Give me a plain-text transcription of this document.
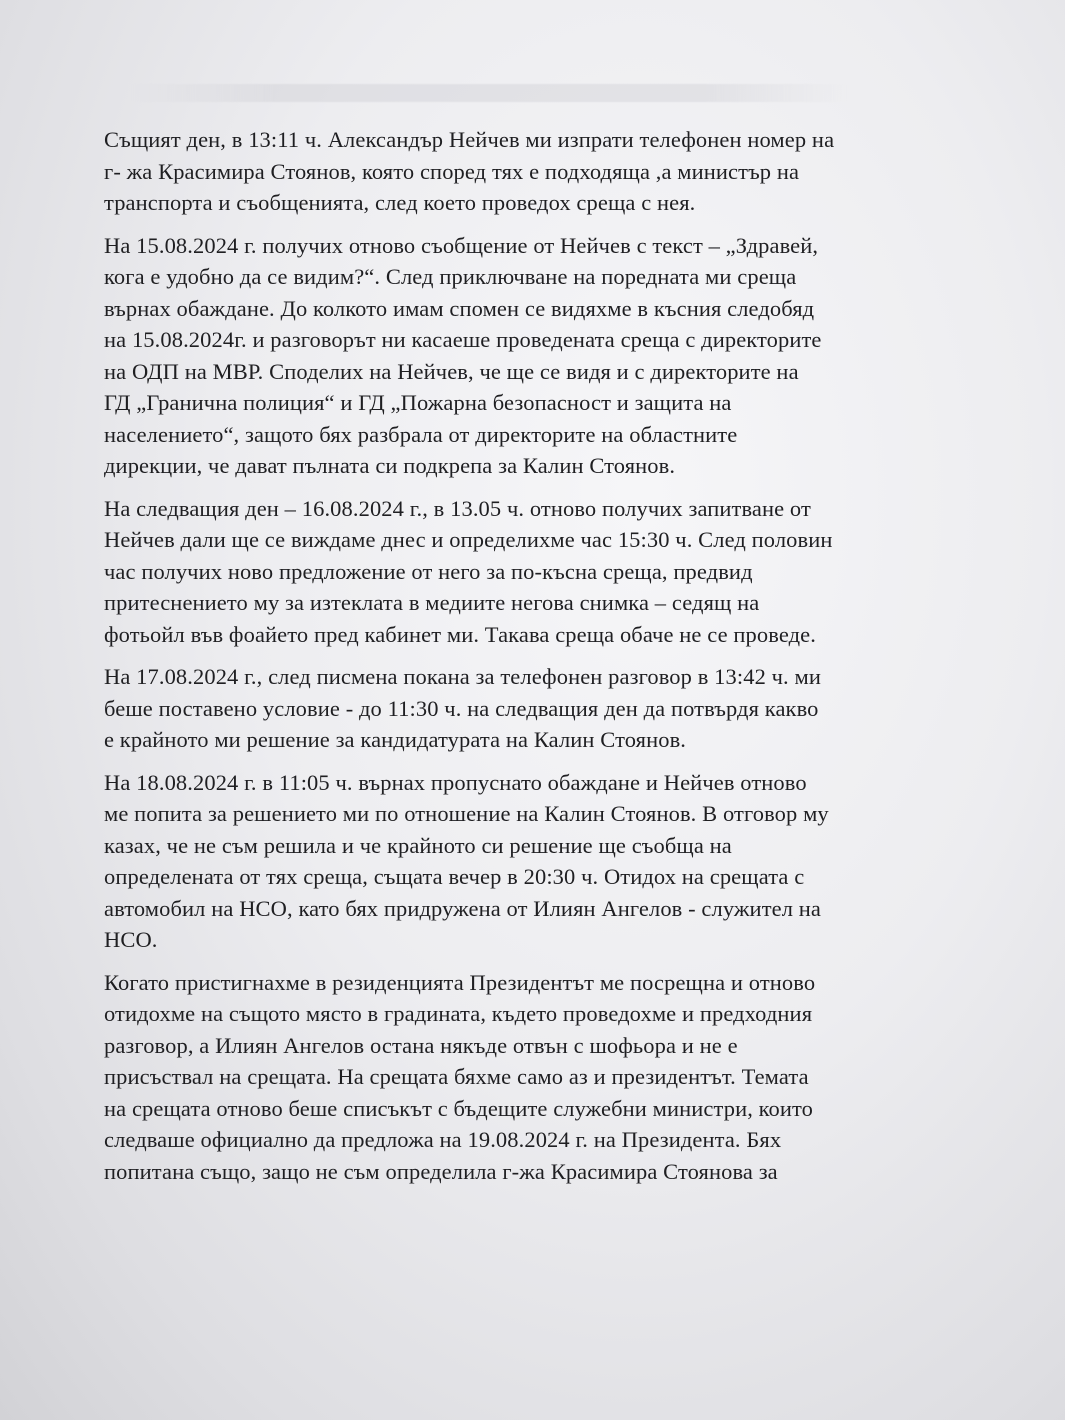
Същият ден, в 13:11 ч. Александър Нейчев ми изпрати телефонен номер на
г- жа Красимира Стоянов, която според тях е подходяща ,а министър на
транспорта и съобщенията, след което проведох среща с нея.

На 15.08.2024 г. получих отново съобщение от Нейчев с текст – „Здравей,
кога е удобно да се видим?“. След приключване на поредната ми среща
върнах обаждане. До колкото имам спомен се видяхме в късния следобяд
на 15.08.2024г. и разговорът ни касаеше проведената среща с директорите
на ОДП на МВР. Споделих на Нейчев, че ще се видя и с директорите на
ГД „Гранична полиция“ и ГД „Пожарна безопасност и защита на
населението“, защото бях разбрала от директорите на областните
дирекции, че дават пълната си подкрепа за Калин Стоянов.

На следващия ден – 16.08.2024 г., в 13.05 ч. отново получих запитване от
Нейчев дали ще се виждаме днес и определихме час 15:30 ч. След половин
час получих ново предложение от него за по-късна среща, предвид
притеснението му за изтеклата в медиите негова снимка – седящ на
фотьойл във фоайето пред кабинет ми. Такава среща обаче не се проведе.

На 17.08.2024 г., след писмена покана за телефонен разговор в 13:42 ч. ми
беше поставено условие - до 11:30 ч. на следващия ден да потвърдя какво
е крайното ми решение за кандидатурата на Калин Стоянов.

На 18.08.2024 г. в 11:05 ч. върнах пропуснато обаждане и Нейчев отново
ме попита за решението ми по отношение на Калин Стоянов. В отговор му
казах, че не съм решила и че крайното си решение ще съобща на
определената от тях среща, същата вечер в 20:30 ч. Отидох на срещата с
автомобил на НСО, като бях придружена от Илиян Ангелов - служител на
НСО.

Когато пристигнахме в резиденцията Президентът ме посрещна и отново
отидохме на същото място в градината, където проведохме и предходния
разговор, а Илиян Ангелов остана някъде отвън с шофьора и не е
присъствал на срещата. На срещата бяхме само аз и президентът. Темата
на срещата отново беше списъкът с бъдещите служебни министри, които
следваше официално да предложа на 19.08.2024 г. на Президента. Бях
попитана също, защо не съм определила г-жа Красимира Стоянова за
